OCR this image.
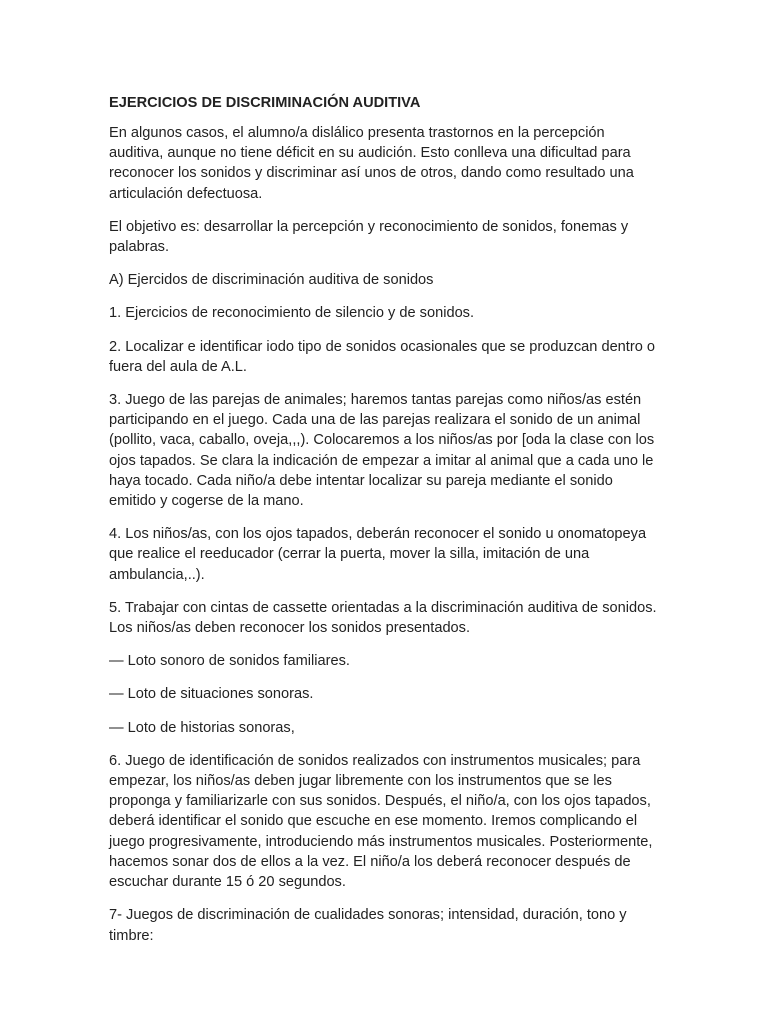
EJERCICIOS DE DISCRIMINACIÓN AUDITIVA
En algunos casos, el alumno/a dislálico presenta trastornos en la percepción auditiva, aunque no tiene déficit en su audición. Esto conlleva una dificultad para reconocer los sonidos y discriminar así unos de otros, dando como resultado una articulación defectuosa.
El objetivo es: desarrollar la percepción y reconocimiento de sonidos, fonemas y palabras.
A) Ejercidos de discriminación auditiva de sonidos
1. Ejercicios de reconocimiento de silencio y de sonidos.
2. Localizar e identificar iodo tipo de sonidos ocasionales que se produzcan dentro o fuera del aula de A.L.
3. Juego de las parejas de animales; haremos tantas parejas como niños/as estén participando en el juego. Cada una de las parejas realizara el sonido de un animal (pollito, vaca, caballo, oveja,,,). Colocaremos a los niños/as por [oda la clase con los ojos tapados. Se clara la indicación de empezar a imitar al animal que a cada uno le haya tocado. Cada niño/a debe intentar localizar su pareja mediante el sonido emitido y cogerse de la mano.
4. Los niños/as, con los ojos tapados, deberán reconocer el sonido u onomatopeya que realice el reeducador (cerrar la puerta, mover la silla, imitación de una ambulancia,..).
5. Trabajar con cintas de cassette orientadas a la discriminación auditiva de sonidos. Los niños/as deben reconocer los sonidos presentados.
— Loto sonoro de sonidos familiares.
— Loto de situaciones sonoras.
— Loto de historias sonoras,
6. Juego de identificación de sonidos realizados con instrumentos musicales; para empezar, los niños/as deben jugar libremente con los instrumentos que se les proponga y familiarizarle con sus sonidos. Después, el niño/a, con los ojos tapados, deberá identificar el sonido que escuche en ese momento. Iremos complicando el juego progresivamente, introduciendo más instrumentos musicales. Posteriormente, hacemos sonar dos de ellos a la vez. El niño/a los deberá reconocer después de escuchar durante 15 ó 20 segundos.
7- Juegos de discriminación de cualidades sonoras; intensidad, duración, tono y timbre:
